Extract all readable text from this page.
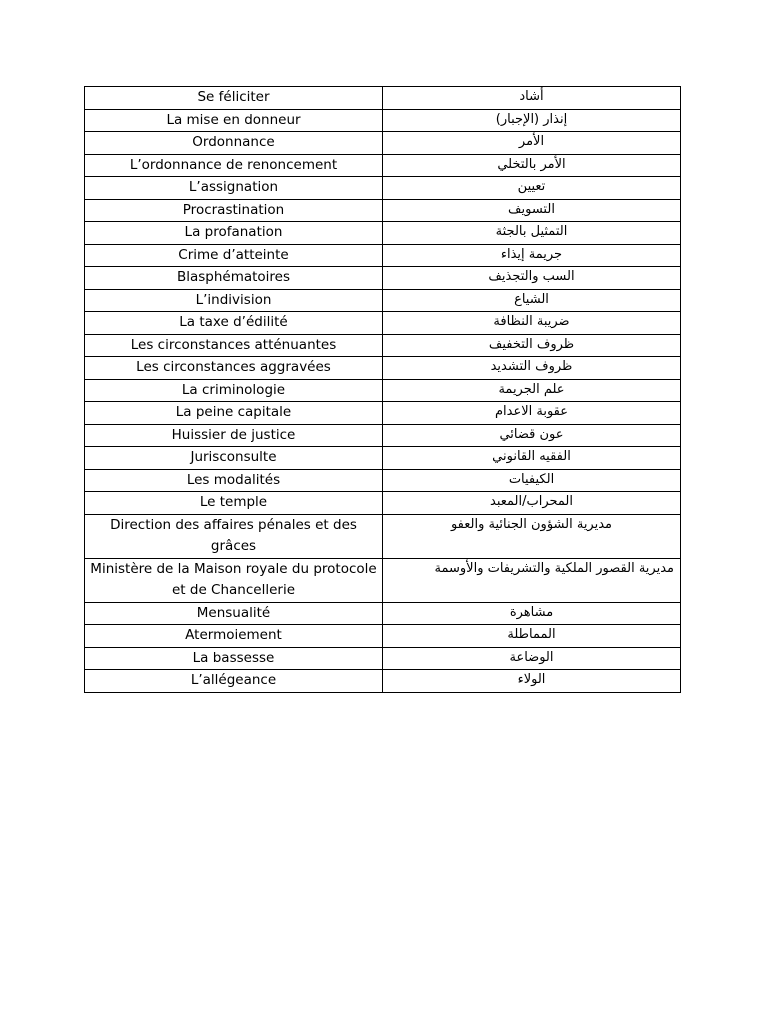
Se féliciter	أشاد
La mise en donneur	إنذار (الإجبار)
Ordonnance	الأمر
L’ordonnance de renoncement	الأمر بالتخلي
L’assignation	تعيين
Procrastination	التسويف
La profanation	التمثيل بالجثة
Crime d’atteinte	جريمة إيذاء
Blasphématoires	السب والتجذيف
L’indivision	الشياع
La taxe d’édilité	ضريبة النظافة
Les circonstances atténuantes	ظروف التخفيف
Les circonstances aggravées	ظروف التشديد
La criminologie	علم الجريمة
La peine capitale	عقوبة الاعدام
Huissier de justice	عون قضائي
Jurisconsulte	الفقيه القانوني
Les modalités	الكيفيات
Le temple	المحراب/المعبد
Direction des affaires pénales et des grâces	مديرية الشؤون الجنائية والعفو
Ministère de la Maison royale du protocole et de Chancellerie	مديرية القصور الملكية والتشريفات والأوسمة
Mensualité	مشاهرة
Atermoiement	المماطلة
La bassesse	الوضاعة
L’allégeance	الولاء
